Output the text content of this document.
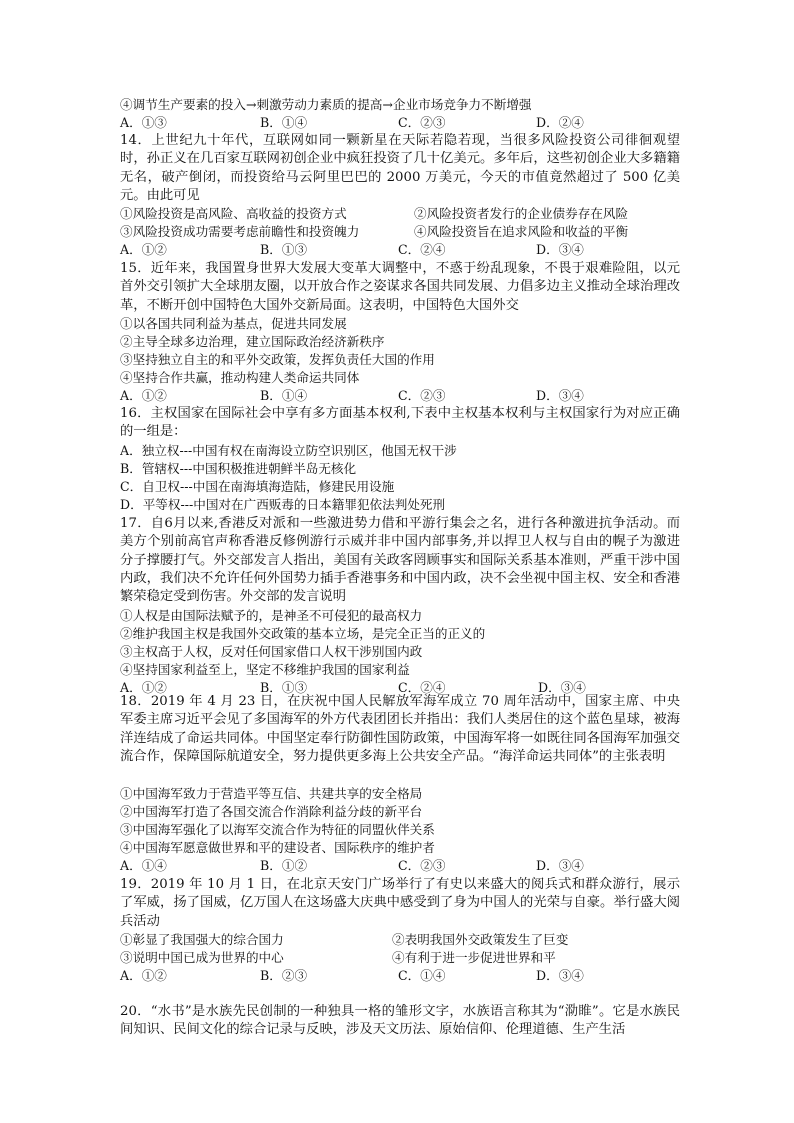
④调节生产要素的投入→刺激劳动力素质的提高→企业市场竞争力不断增强
A．①③	B．①④	C．②③	D．②④
14．上世纪九十年代，互联网如同一颗新星在天际若隐若现，当很多风险投资公司徘徊观望时，孙正义在几百家互联网初创企业中疯狂投资了几十亿美元。多年后，这些初创企业大多籍籍无名，破产倒闭，而投资给马云阿里巴巴的 2000 万美元，今天的市值竟然超过了 500 亿美元。由此可见
①风险投资是高风险、高收益的投资方式	②风险投资者发行的企业债券存在风险
③风险投资成功需要考虑前瞻性和投资魄力	④风险投资旨在追求风险和收益的平衡
A．①②	B．①③	C．②④	D．③④
15．近年来，我国置身世界大发展大变革大调整中，不惑于纷乱现象，不畏于艰难险阻，以元首外交引领扩大全球朋友圈，以开放合作之姿谋求各国共同发展、力倡多边主义推动全球治理改革，不断开创中国特色大国外交新局面。这表明，中国特色大国外交
①以各国共同利益为基点，促进共同发展
②主导全球多边治理，建立国际政治经济新秩序
③坚持独立自主的和平外交政策，发挥负责任大国的作用
④坚持合作共赢，推动构建人类命运共同体
A．①②	B．①④	C．②③	D．③④
16．主权国家在国际社会中享有多方面基本权利,下表中主权基本权利与主权国家行为对应正确的一组是：
A．独立权---中国有权在南海设立防空识别区，他国无权干涉
B．管辖权---中国积极推进朝鲜半岛无核化
C．自卫权---中国在南海填海造陆，修建民用设施
D．平等权---中国对在广西贩毒的日本籍罪犯依法判处死刑
17．自6月以来,香港反对派和一些激进势力借和平游行集会之名，进行各种激进抗争活动。而美方个别前高官声称香港反修例游行示威并非中国内部事务,并以捍卫人权与自由的幌子为激进分子撑腰打气。外交部发言人指出，美国有关政客罔顾事实和国际关系基本准则，严重干涉中国内政，我们决不允许任何外国势力插手香港事务和中国内政，决不会坐视中国主权、安全和香港繁荣稳定受到伤害。外交部的发言说明
①人权是由国际法赋予的，是神圣不可侵犯的最高权力
②维护我国主权是我国外交政策的基本立场，是完全正当的正义的
③主权高于人权，反对任何国家借口人权干涉别国内政
④坚持国家利益至上，坚定不移维护我国的国家利益
A．①②	B．①③	C．②④	D．③④
18．2019 年 4 月 23 日，在庆祝中国人民解放军海军成立 70 周年活动中，国家主席、中央军委主席习近平会见了多国海军的外方代表团团长并指出：我们人类居住的这个蓝色星球，被海洋连结成了命运共同体。中国坚定奉行防御性国防政策，中国海军将一如既往同各国海军加强交流合作，保障国际航道安全，努力提供更多海上公共安全产品。“海洋命运共同体”的主张表明
①中国海军致力于营造平等互信、共建共享的安全格局
②中国海军打造了各国交流合作消除利益分歧的新平台
③中国海军强化了以海军交流合作为特征的同盟伙伴关系
④中国海军愿意做世界和平的建设者、国际秩序的维护者
A．①④	B．①②	C．②③	D．③④
19．2019 年 10 月 1 日，在北京天安门广场举行了有史以来盛大的阅兵式和群众游行，展示了军威，扬了国威，亿万国人在这场盛大庆典中感受到了身为中国人的光荣与自豪。举行盛大阅兵活动
①彰显了我国强大的综合国力	②表明我国外交政策发生了巨变
③说明中国已成为世界的中心	④有利于进一步促进世界和平
A．①②	B．②③	C．①④	D．③④
20．“水书”是水族先民创制的一种独具一格的雏形文字，水族语言称其为“泐睢”。它是水族民间知识、民间文化的综合记录与反映，涉及天文历法、原始信仰、伦理道德、生产生活
